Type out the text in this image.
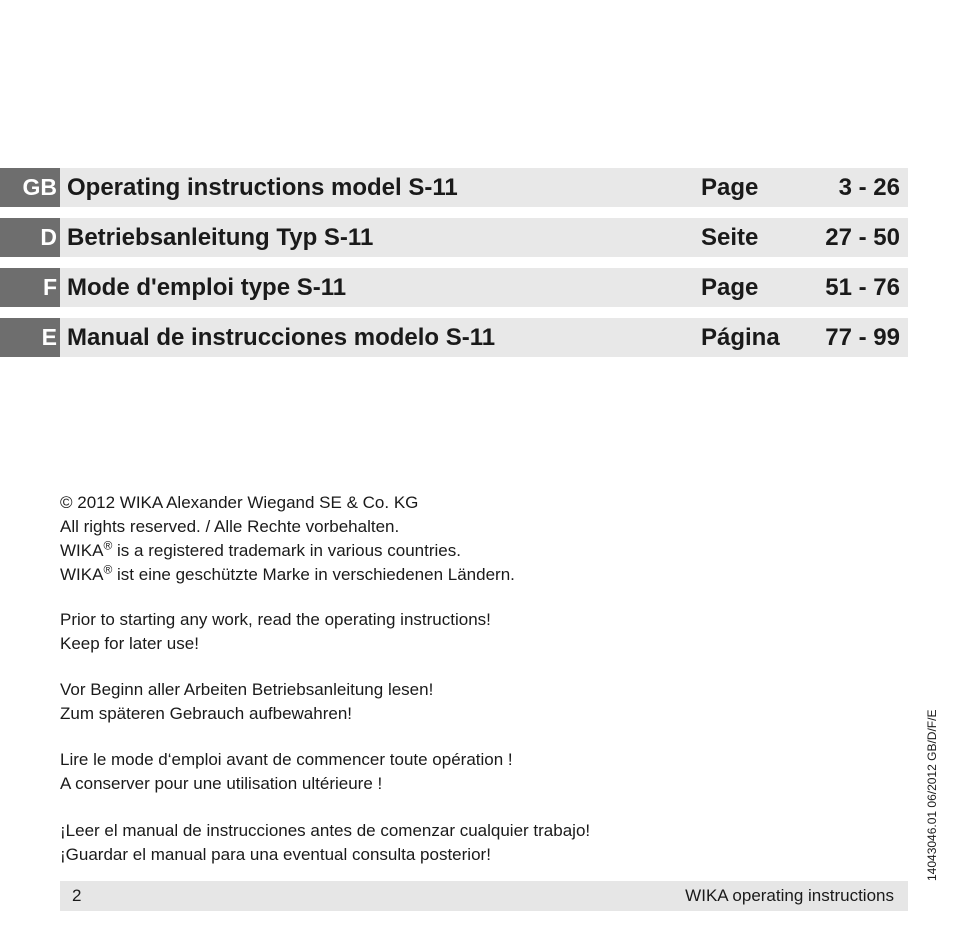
GB Operating instructions model S-11	Page	3 - 26
D Betriebsanleitung Typ S-11	Seite	27 - 50
F Mode d'emploi type S-11	Page	51 - 76
E Manual de instrucciones modelo S-11	Página 77 - 99
© 2012 WIKA Alexander Wiegand SE & Co. KG
All rights reserved. / Alle Rechte vorbehalten.
WIKA® is a registered trademark in various countries.
WIKA® ist eine geschützte Marke in verschiedenen Ländern.
Prior to starting any work, read the operating instructions!
Keep for later use!
Vor Beginn aller Arbeiten Betriebsanleitung lesen!
Zum späteren Gebrauch aufbewahren!
Lire le mode d‘emploi avant de commencer toute opération !
A conserver pour une utilisation ultérieure !
¡Leer el manual de instrucciones antes de comenzar cualquier trabajo!
¡Guardar el manual para una eventual consulta posterior!
2	WIKA operating instructions
14043046.01 06/2012 GB/D/F/E
